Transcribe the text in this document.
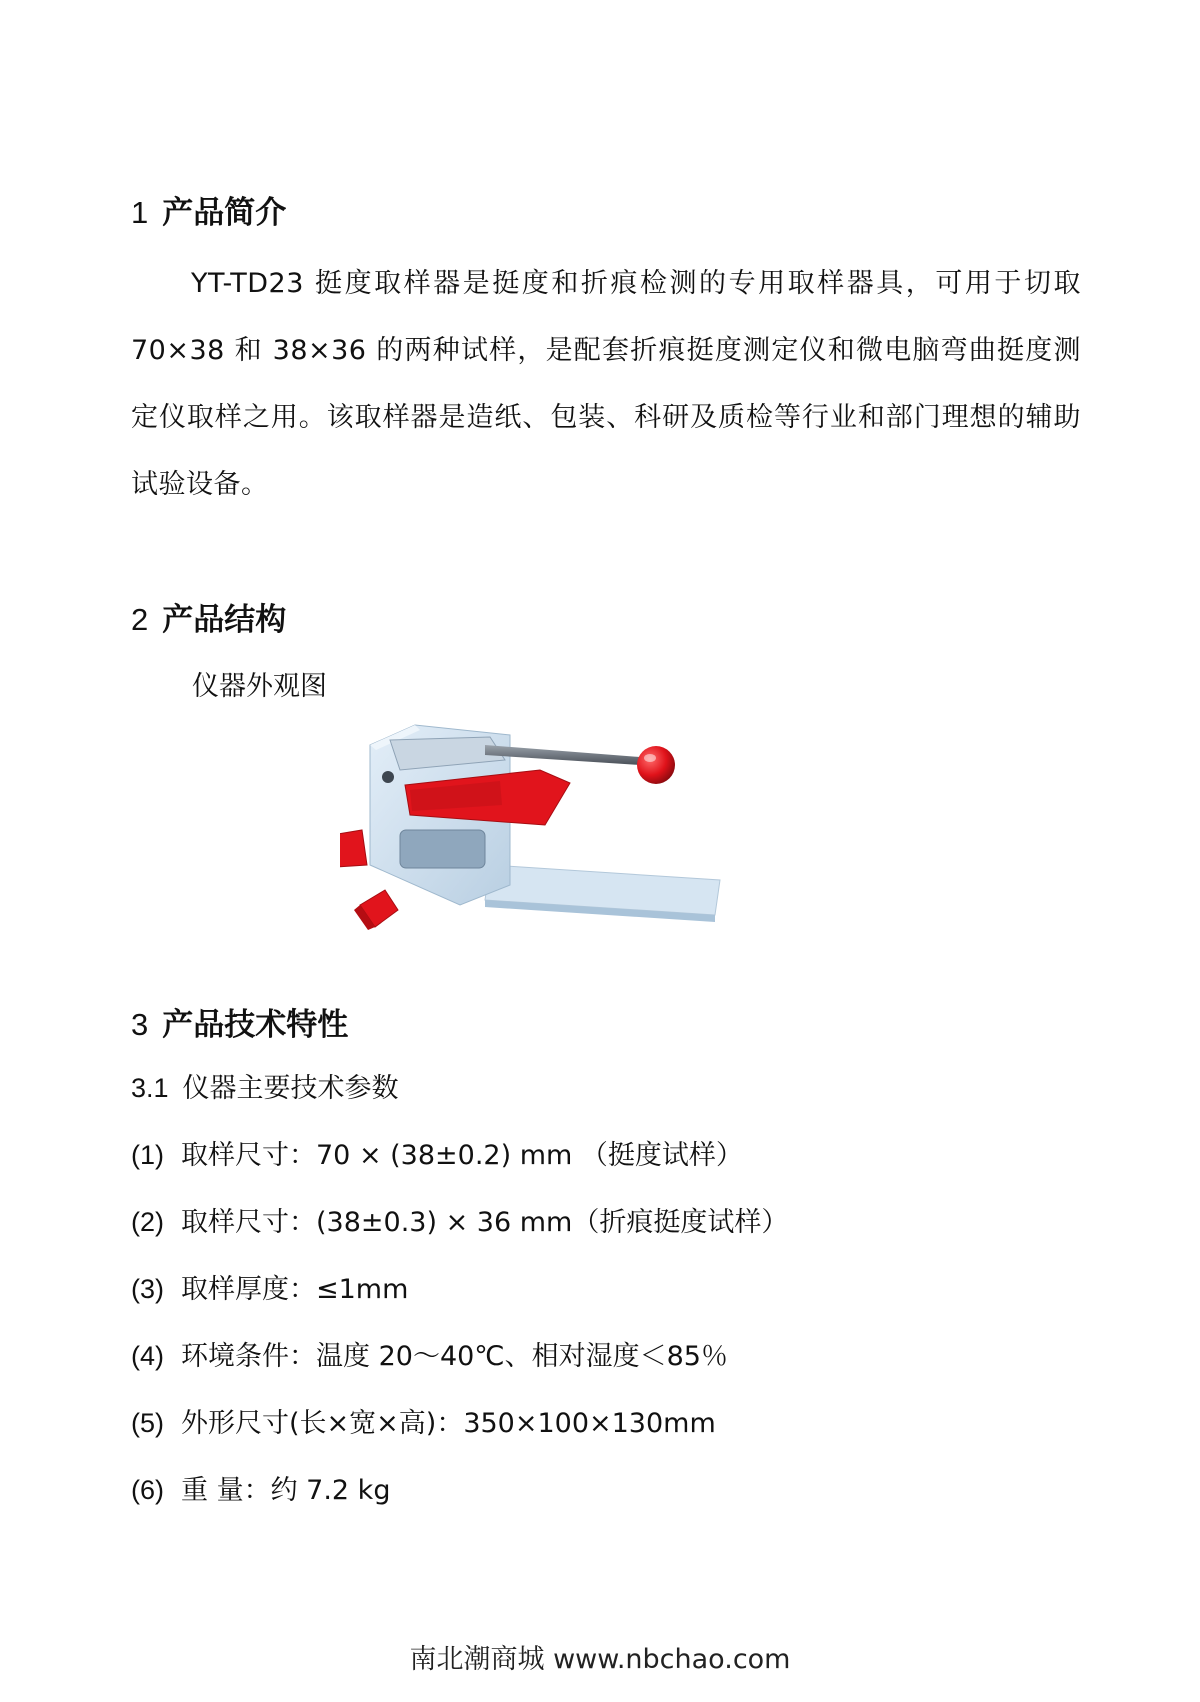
1 产品简介
YT-TD23 挺度取样器是挺度和折痕检测的专用取样器具，可用于切取 70×38 和 38×36 的两种试样，是配套折痕挺度测定仪和微电脑弯曲挺度测定仪取样之用。该取样器是造纸、包装、科研及质检等行业和部门理想的辅助试验设备。
2 产品结构
仪器外观图
3 产品技术特性
3.1 仪器主要技术参数
(1) 取样尺寸：70 × (38±0.2) mm （挺度试样）
(2) 取样尺寸：(38±0.3) × 36 mm（折痕挺度试样）
(3) 取样厚度：≤1mm
(4) 环境条件：温度 20～40℃、相对湿度＜85％
(5) 外形尺寸(长×宽×高)：350×100×130mm
(6) 重 量：约 7.2 kg
南北潮商城 www.nbchao.com
